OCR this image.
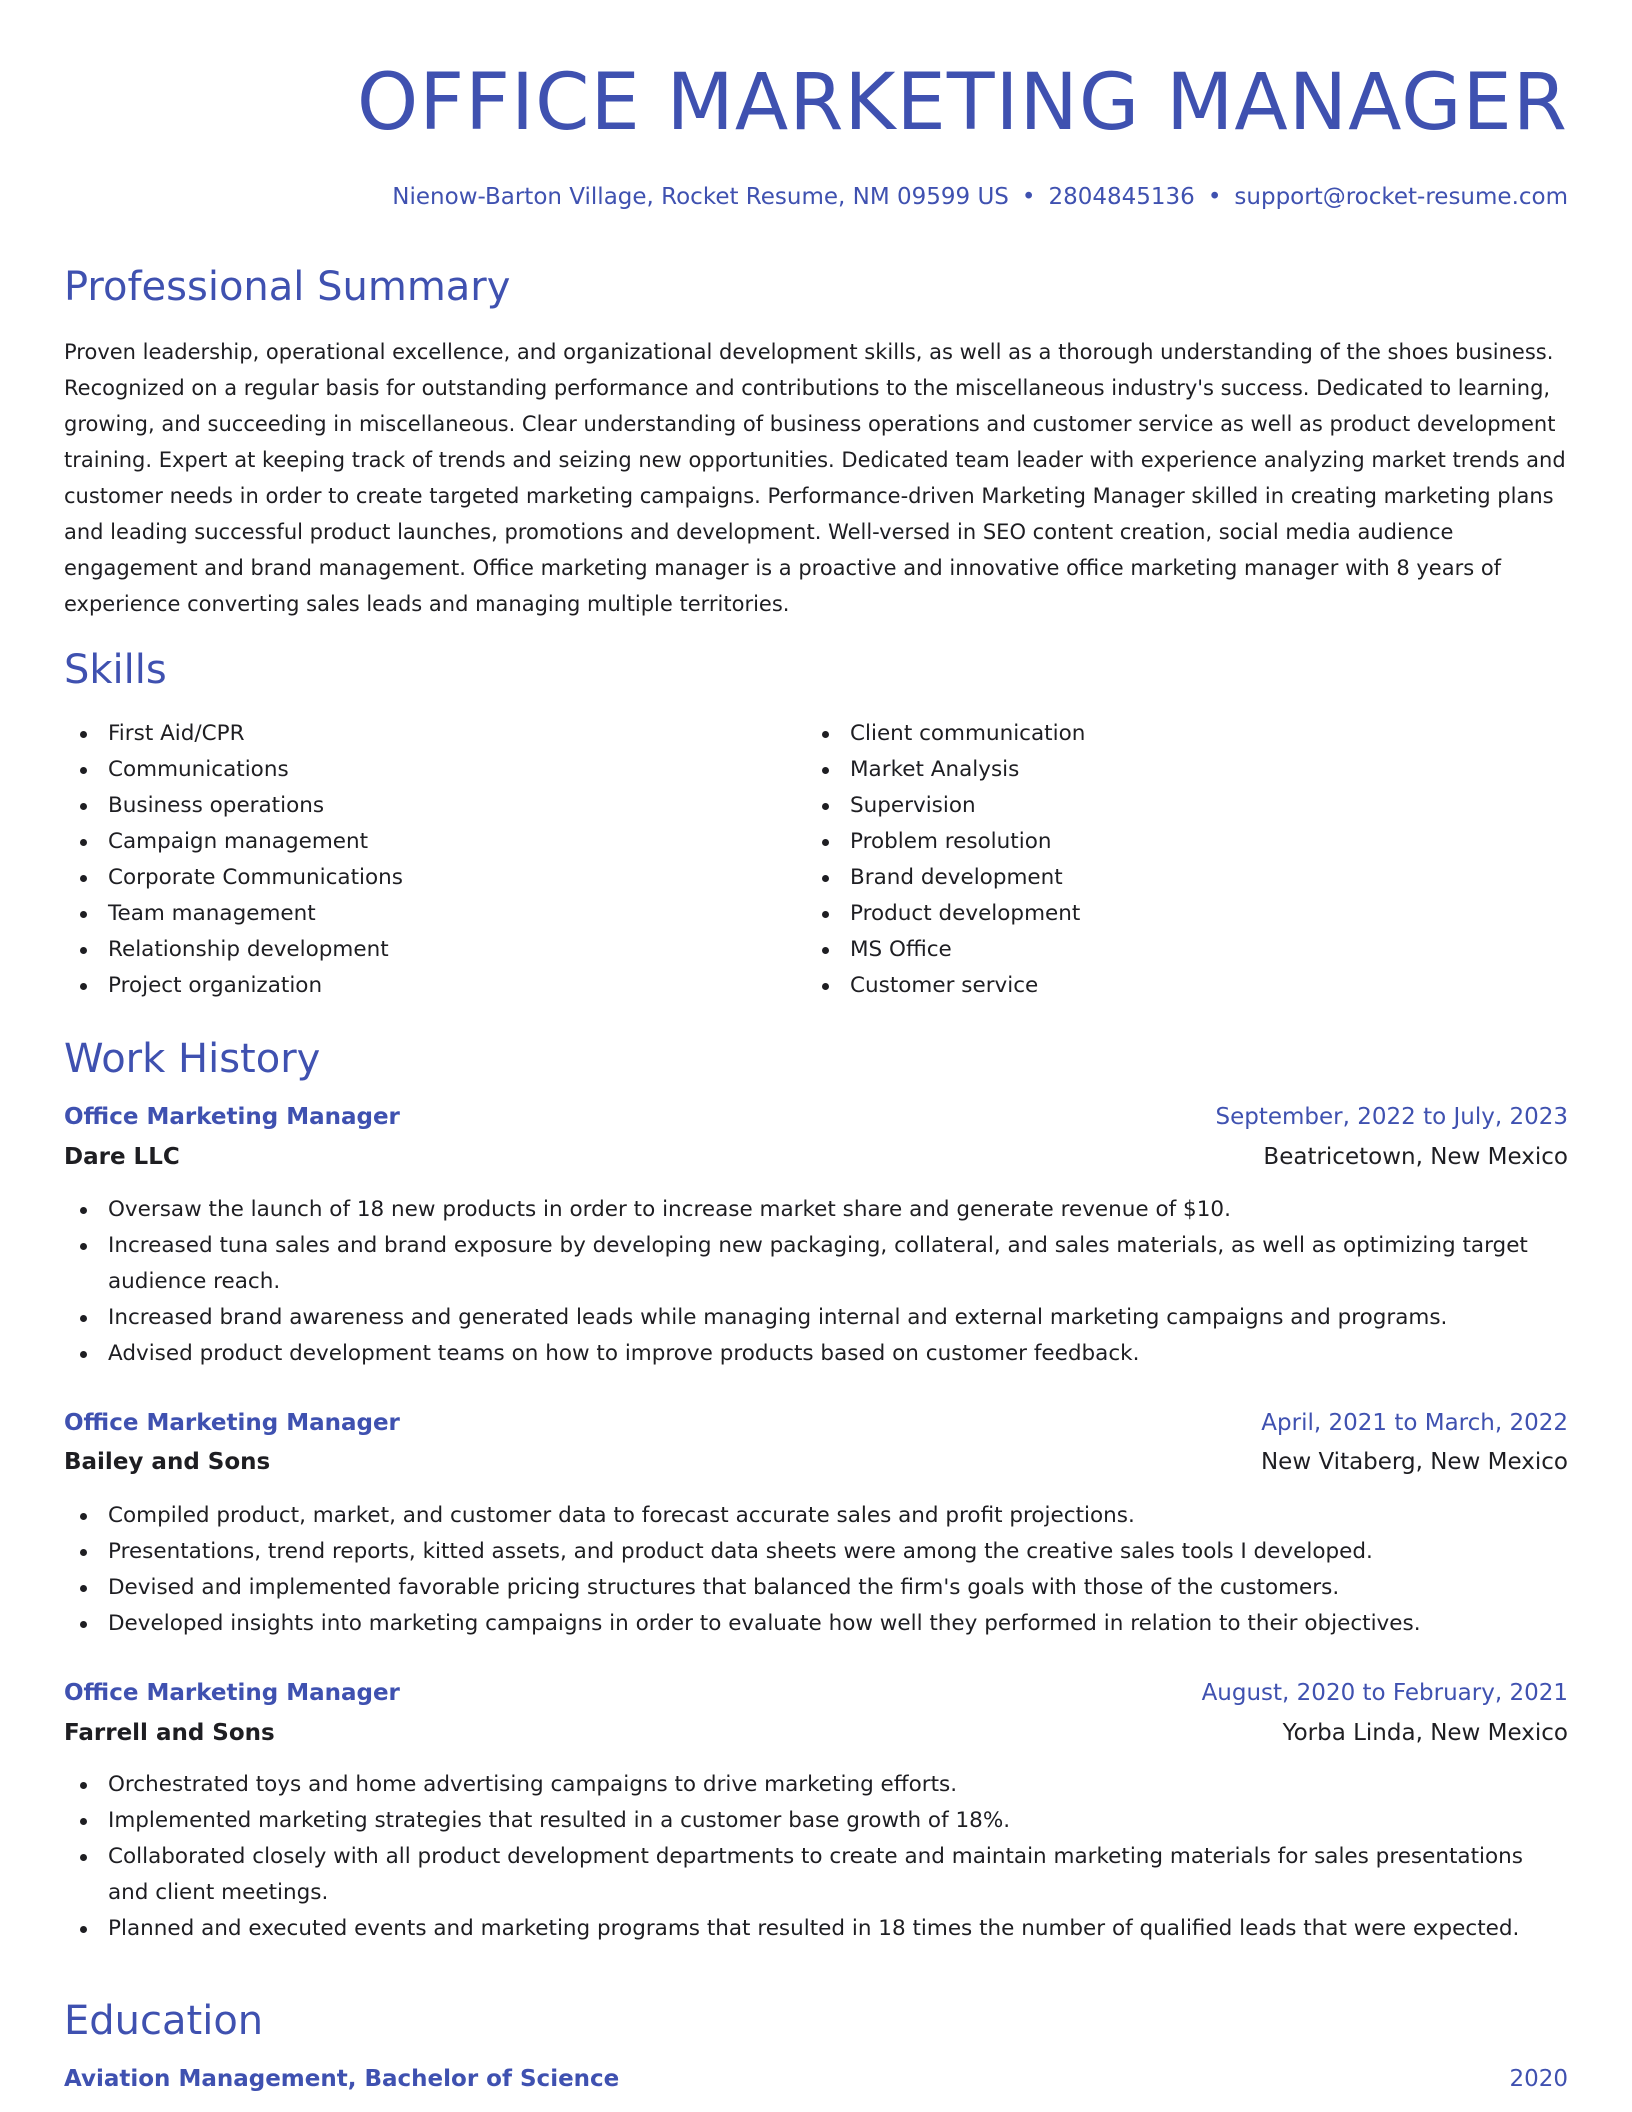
OFFICE MARKETING MANAGER
Nienow-Barton Village, Rocket Resume, NM 09599 US • 2804845136 • support@rocket-resume.com
Professional Summary

Proven leadership, operational excellence, and organizational development skills, as well as a thorough understanding of the shoes business. Recognized on a regular basis for outstanding performance and contributions to the miscellaneous industry's success. Dedicated to learning, growing, and succeeding in miscellaneous. Clear understanding of business operations and customer service as well as product development training. Expert at keeping track of trends and seizing new opportunities. Dedicated team leader with experience analyzing market trends and customer needs in order to create targeted marketing campaigns. Performance-driven Marketing Manager skilled in creating marketing plans and leading successful product launches, promotions and development. Well-versed in SEO content creation, social media audience engagement and brand management. Office marketing manager is a proactive and innovative office marketing manager with 8 years of experience converting sales leads and managing multiple territories.

Skills
First Aid/CPR
Communications
Business operations
Campaign management
Corporate Communications
Team management
Relationship development
Project organization
Client communication
Market Analysis
Supervision
Problem resolution
Brand development
Product development
MS Office
Customer service
Work History
Office Marketing Manager	September, 2022 to July, 2023
Dare LLC	Beatricetown, New Mexico
Oversaw the launch of 18 new products in order to increase market share and generate revenue of $10.
Increased tuna sales and brand exposure by developing new packaging, collateral, and sales materials, as well as optimizing target audience reach.
Increased brand awareness and generated leads while managing internal and external marketing campaigns and programs.
Advised product development teams on how to improve products based on customer feedback.
Office Marketing Manager	April, 2021 to March, 2022
Bailey and Sons	New Vitaberg, New Mexico
Compiled product, market, and customer data to forecast accurate sales and profit projections.
Presentations, trend reports, kitted assets, and product data sheets were among the creative sales tools I developed.
Devised and implemented favorable pricing structures that balanced the firm's goals with those of the customers.
Developed insights into marketing campaigns in order to evaluate how well they performed in relation to their objectives.
Office Marketing Manager	August, 2020 to February, 2021
Farrell and Sons	Yorba Linda, New Mexico
Orchestrated toys and home advertising campaigns to drive marketing efforts.
Implemented marketing strategies that resulted in a customer base growth of 18%.
Collaborated closely with all product development departments to create and maintain marketing materials for sales presentations and client meetings.
Planned and executed events and marketing programs that resulted in 18 times the number of qualified leads that were expected.
Education
Aviation Management, Bachelor of Science	2020
